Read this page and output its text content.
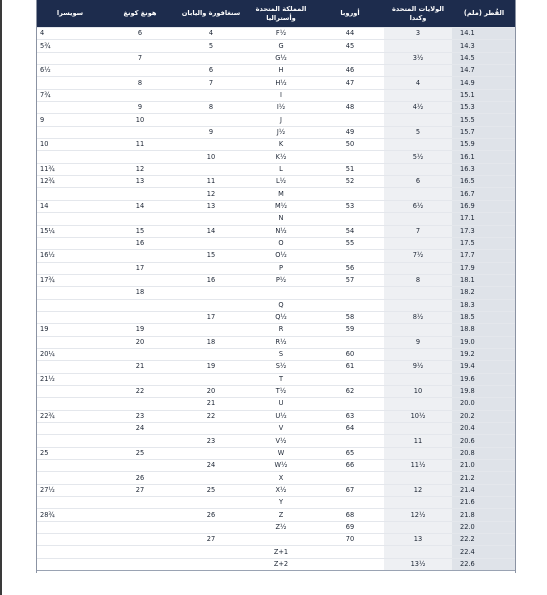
سويسرا	هونغ كونغ	سنغافورة واليابان	المملكة المتحدة وأستراليا	أوروبا	الولايات المتحدة وكندا	القُطر (ملم)
4	6	4	F½	44	3	14.1
5¾		5	G	45		14.3
	7		G½		3½	14.5
6½		6	H	46		14.7
	8	7	H½	47	4	14.9
7¾			I			15.1
	9	8	I½	48	4½	15.3
9	10		J			15.5
		9	J½	49	5	15.7
10	11		K	50		15.9
		10	K½		5½	16.1
11¾	12		L	51		16.3
12¾	13	11	L½	52	6	16.5
		12	M			16.7
14	14	13	M½	53	6½	16.9
			N			17.1
15¼	15	14	N½	54	7	17.3
	16		O	55		17.5
16½		15	O½		7½	17.7
	17		P	56		17.9
17¾		16	P½	57	8	18.1
	18					18.2
			Q			18.3
		17	Q½	58	8½	18.5
19	19		R	59		18.8
	20	18	R½		9	19.0
20¼			S	60		19.2
	21	19	S½	61	9½	19.4
21½			T			19.6
	22	20	T½	62	10	19.8
		21	U			20.0
22¾	23	22	U½	63	10½	20.2
	24		V	64		20.4
		23	V½		11	20.6
25	25		W	65		20.8
		24	W½	66	11½	21.0
	26		X			21.2
27½	27	25	X½	67	12	21.4
			Y			21.6
28¾		26	Z	68	12½	21.8
			Z½	69		22.0
		27		70	13	22.2
			Z+1			22.4
			Z+2		13½	22.6
